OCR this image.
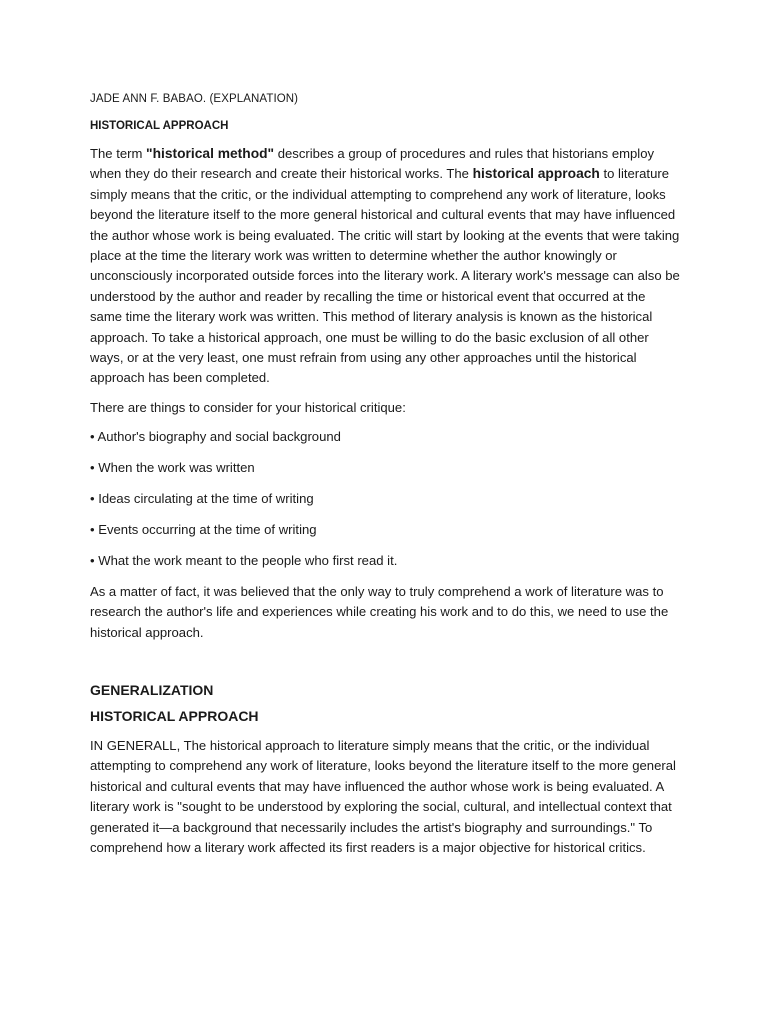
JADE ANN F. BABAO. (EXPLANATION)
HISTORICAL APPROACH

The term "historical method" describes a group of procedures and rules that historians employ when they do their research and create their historical works. The historical approach to literature simply means that the critic, or the individual attempting to comprehend any work of literature, looks beyond the literature itself to the more general historical and cultural events that may have influenced the author whose work is being evaluated. The critic will start by looking at the events that were taking place at the time the literary work was written to determine whether the author knowingly or unconsciously incorporated outside forces into the literary work. A literary work's message can also be understood by the author and reader by recalling the time or historical event that occurred at the same time the literary work was written. This method of literary analysis is known as the historical approach. To take a historical approach, one must be willing to do the basic exclusion of all other ways, or at the very least, one must refrain from using any other approaches until the historical approach has been completed.

There are things to consider for your historical critique:

• Author's biography and social background
• When the work was written
• Ideas circulating at the time of writing
• Events occurring at the time of writing
• What the work meant to the people who first read it.

As a matter of fact, it was believed that the only way to truly comprehend a work of literature was to research the author's life and experiences while creating his work and to do this, we need to use the historical approach.

GENERALIZATION
HISTORICAL APPROACH

IN GENERALL, The historical approach to literature simply means that the critic, or the individual attempting to comprehend any work of literature, looks beyond the literature itself to the more general historical and cultural events that may have influenced the author whose work is being evaluated. A literary work is "sought to be understood by exploring the social, cultural, and intellectual context that generated it—a background that necessarily includes the artist's biography and surroundings." To comprehend how a literary work affected its first readers is a major objective for historical critics.
